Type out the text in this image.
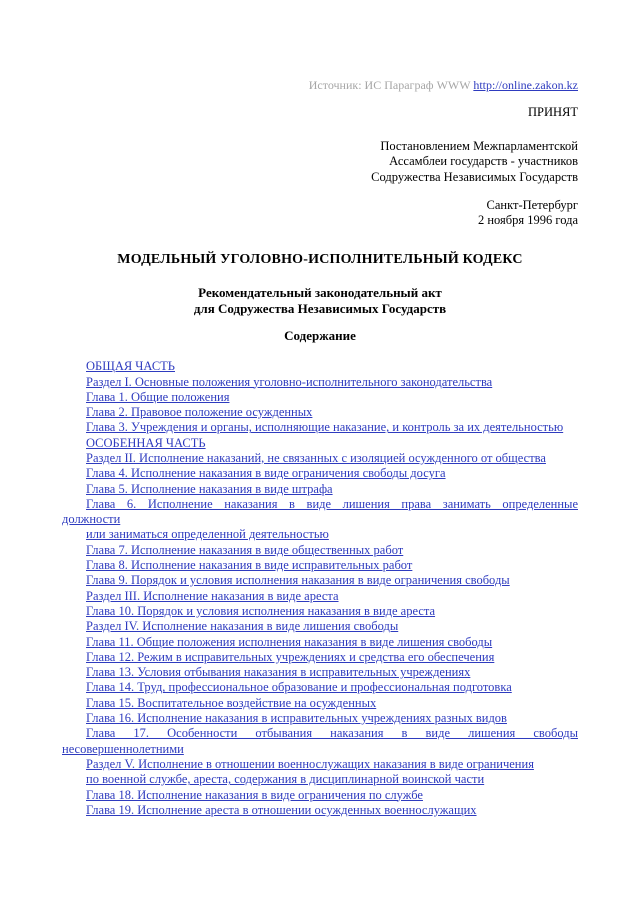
Источник: ИС Параграф WWW http://online.zakon.kz
ПРИНЯТ
Постановлением Межпарламентской
Ассамблеи государств - участников
Содружества Независимых Государств
Санкт-Петербург
2 ноября 1996 года
МОДЕЛЬНЫЙ УГОЛОВНО-ИСПОЛНИТЕЛЬНЫЙ КОДЕКС
Рекомендательный законодательный акт
для Содружества Независимых Государств
Содержание
ОБЩАЯ ЧАСТЬ
Раздел I. Основные положения уголовно-исполнительного законодательства
Глава 1. Общие положения
Глава 2. Правовое положение осужденных
Глава 3. Учреждения и органы, исполняющие наказание, и контроль за их деятельностью
ОСОБЕННАЯ ЧАСТЬ
Раздел II. Исполнение наказаний, не связанных с изоляцией осужденного от общества
Глава 4. Исполнение наказания в виде ограничения свободы досуга
Глава 5. Исполнение наказания в виде штрафа
Глава 6. Исполнение наказания в виде лишения права занимать определенные
должности
или заниматься определенной деятельностью
Глава 7. Исполнение наказания в виде общественных работ
Глава 8. Исполнение наказания в виде исправительных работ
Глава 9. Порядок и условия исполнения наказания в виде ограничения свободы
Раздел III. Исполнение наказания в виде ареста
Глава 10. Порядок и условия исполнения наказания в виде ареста
Раздел IV. Исполнение наказания в виде лишения свободы
Глава 11. Общие положения исполнения наказания в виде лишения свободы
Глава 12. Режим в исправительных учреждениях и средства его обеспечения
Глава 13. Условия отбывания наказания в исправительных учреждениях
Глава 14. Труд, профессиональное образование и профессиональная подготовка
Глава 15. Воспитательное воздействие на осужденных
Глава 16. Исполнение наказания в исправительных учреждениях разных видов
Глава 17. Особенности отбывания наказания в виде лишения свободы
несовершеннолетними
Раздел V. Исполнение в отношении военнослужащих наказания в виде ограничения
по военной службе, ареста, содержания в дисциплинарной воинской части
Глава 18. Исполнение наказания в виде ограничения по службе
Глава 19. Исполнение ареста в отношении осужденных военнослужащих
